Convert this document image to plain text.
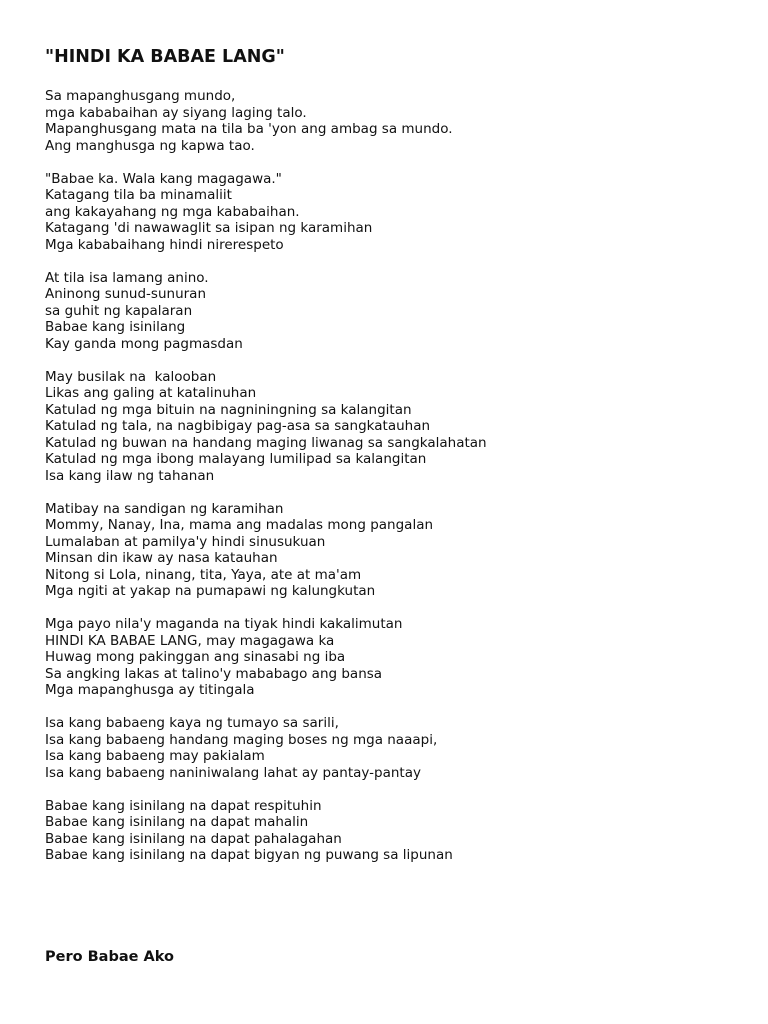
"HINDI KA BABAE LANG"
Sa mapanghusgang mundo,
mga kababaihan ay siyang laging talo.
Mapanghusgang mata na tila ba 'yon ang ambag sa mundo.
Ang manghusga ng kapwa tao.
"Babae ka. Wala kang magagawa."
Katagang tila ba minamaliit
ang kakayahang ng mga kababaihan.
Katagang 'di nawawaglit sa isipan ng karamihan
Mga kababaihang hindi nirerespeto
At tila isa lamang anino.
Aninong sunud-sunuran
sa guhit ng kapalaran
Babae kang isinilang
Kay ganda mong pagmasdan
May busilak na  kalooban
Likas ang galing at katalinuhan
Katulad ng mga bituin na nagniningning sa kalangitan
Katulad ng tala, na nagbibigay pag-asa sa sangkatauhan
Katulad ng buwan na handang maging liwanag sa sangkalahatan
Katulad ng mga ibong malayang lumilipad sa kalangitan
Isa kang ilaw ng tahanan
Matibay na sandigan ng karamihan
Mommy, Nanay, Ina, mama ang madalas mong pangalan
Lumalaban at pamilya'y hindi sinusukuan
Minsan din ikaw ay nasa katauhan
Nitong si Lola, ninang, tita, Yaya, ate at ma'am
Mga ngiti at yakap na pumapawi ng kalungkutan
Mga payo nila'y maganda na tiyak hindi kakalimutan
HINDI KA BABAE LANG, may magagawa ka
Huwag mong pakinggan ang sinasabi ng iba
Sa angking lakas at talino'y mababago ang bansa
Mga mapanghusga ay titingala
Isa kang babaeng kaya ng tumayo sa sarili,
Isa kang babaeng handang maging boses ng mga naaapi,
Isa kang babaeng may pakialam
Isa kang babaeng naniniwalang lahat ay pantay-pantay
Babae kang isinilang na dapat respituhin
Babae kang isinilang na dapat mahalin
Babae kang isinilang na dapat pahalagahan
Babae kang isinilang na dapat bigyan ng puwang sa lipunan
Pero Babae Ako
